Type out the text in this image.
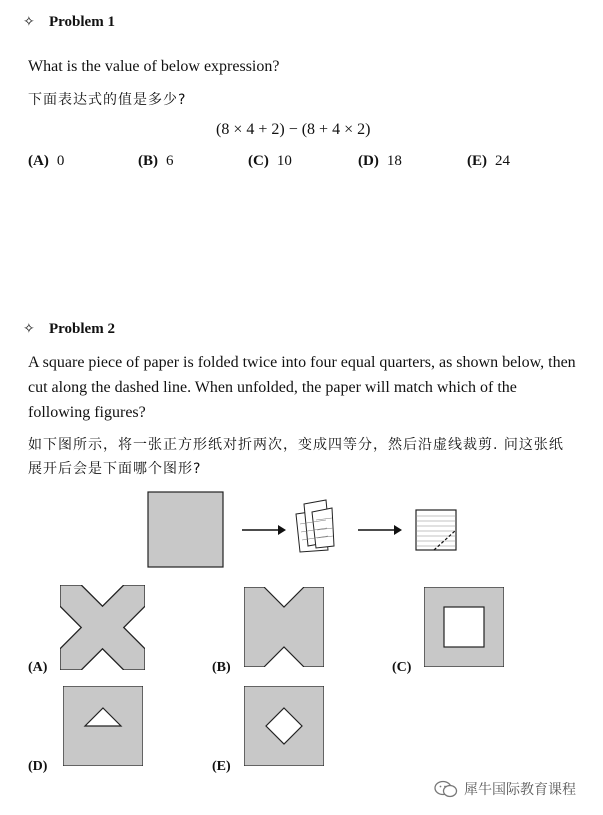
✧ Problem 1
What is the value of below expression?
下面表达式的值是多少?
(8 × 4 + 2) − (8 + 4 × 2)
(A) 0	(B) 6	(C) 10	(D) 18	(E) 24
✧ Problem 2
A square piece of paper is folded twice into four equal quarters, as shown below, then cut along the dashed line. When unfolded, the paper will match which of the following figures?
如下图所示，将一张正方形纸对折两次，变成四等分，然后沿虚线裁剪. 问这张纸展开后会是下面哪个图形?
(A)	(B)	(C)
(D)	(E)
犀牛国际教育课程
